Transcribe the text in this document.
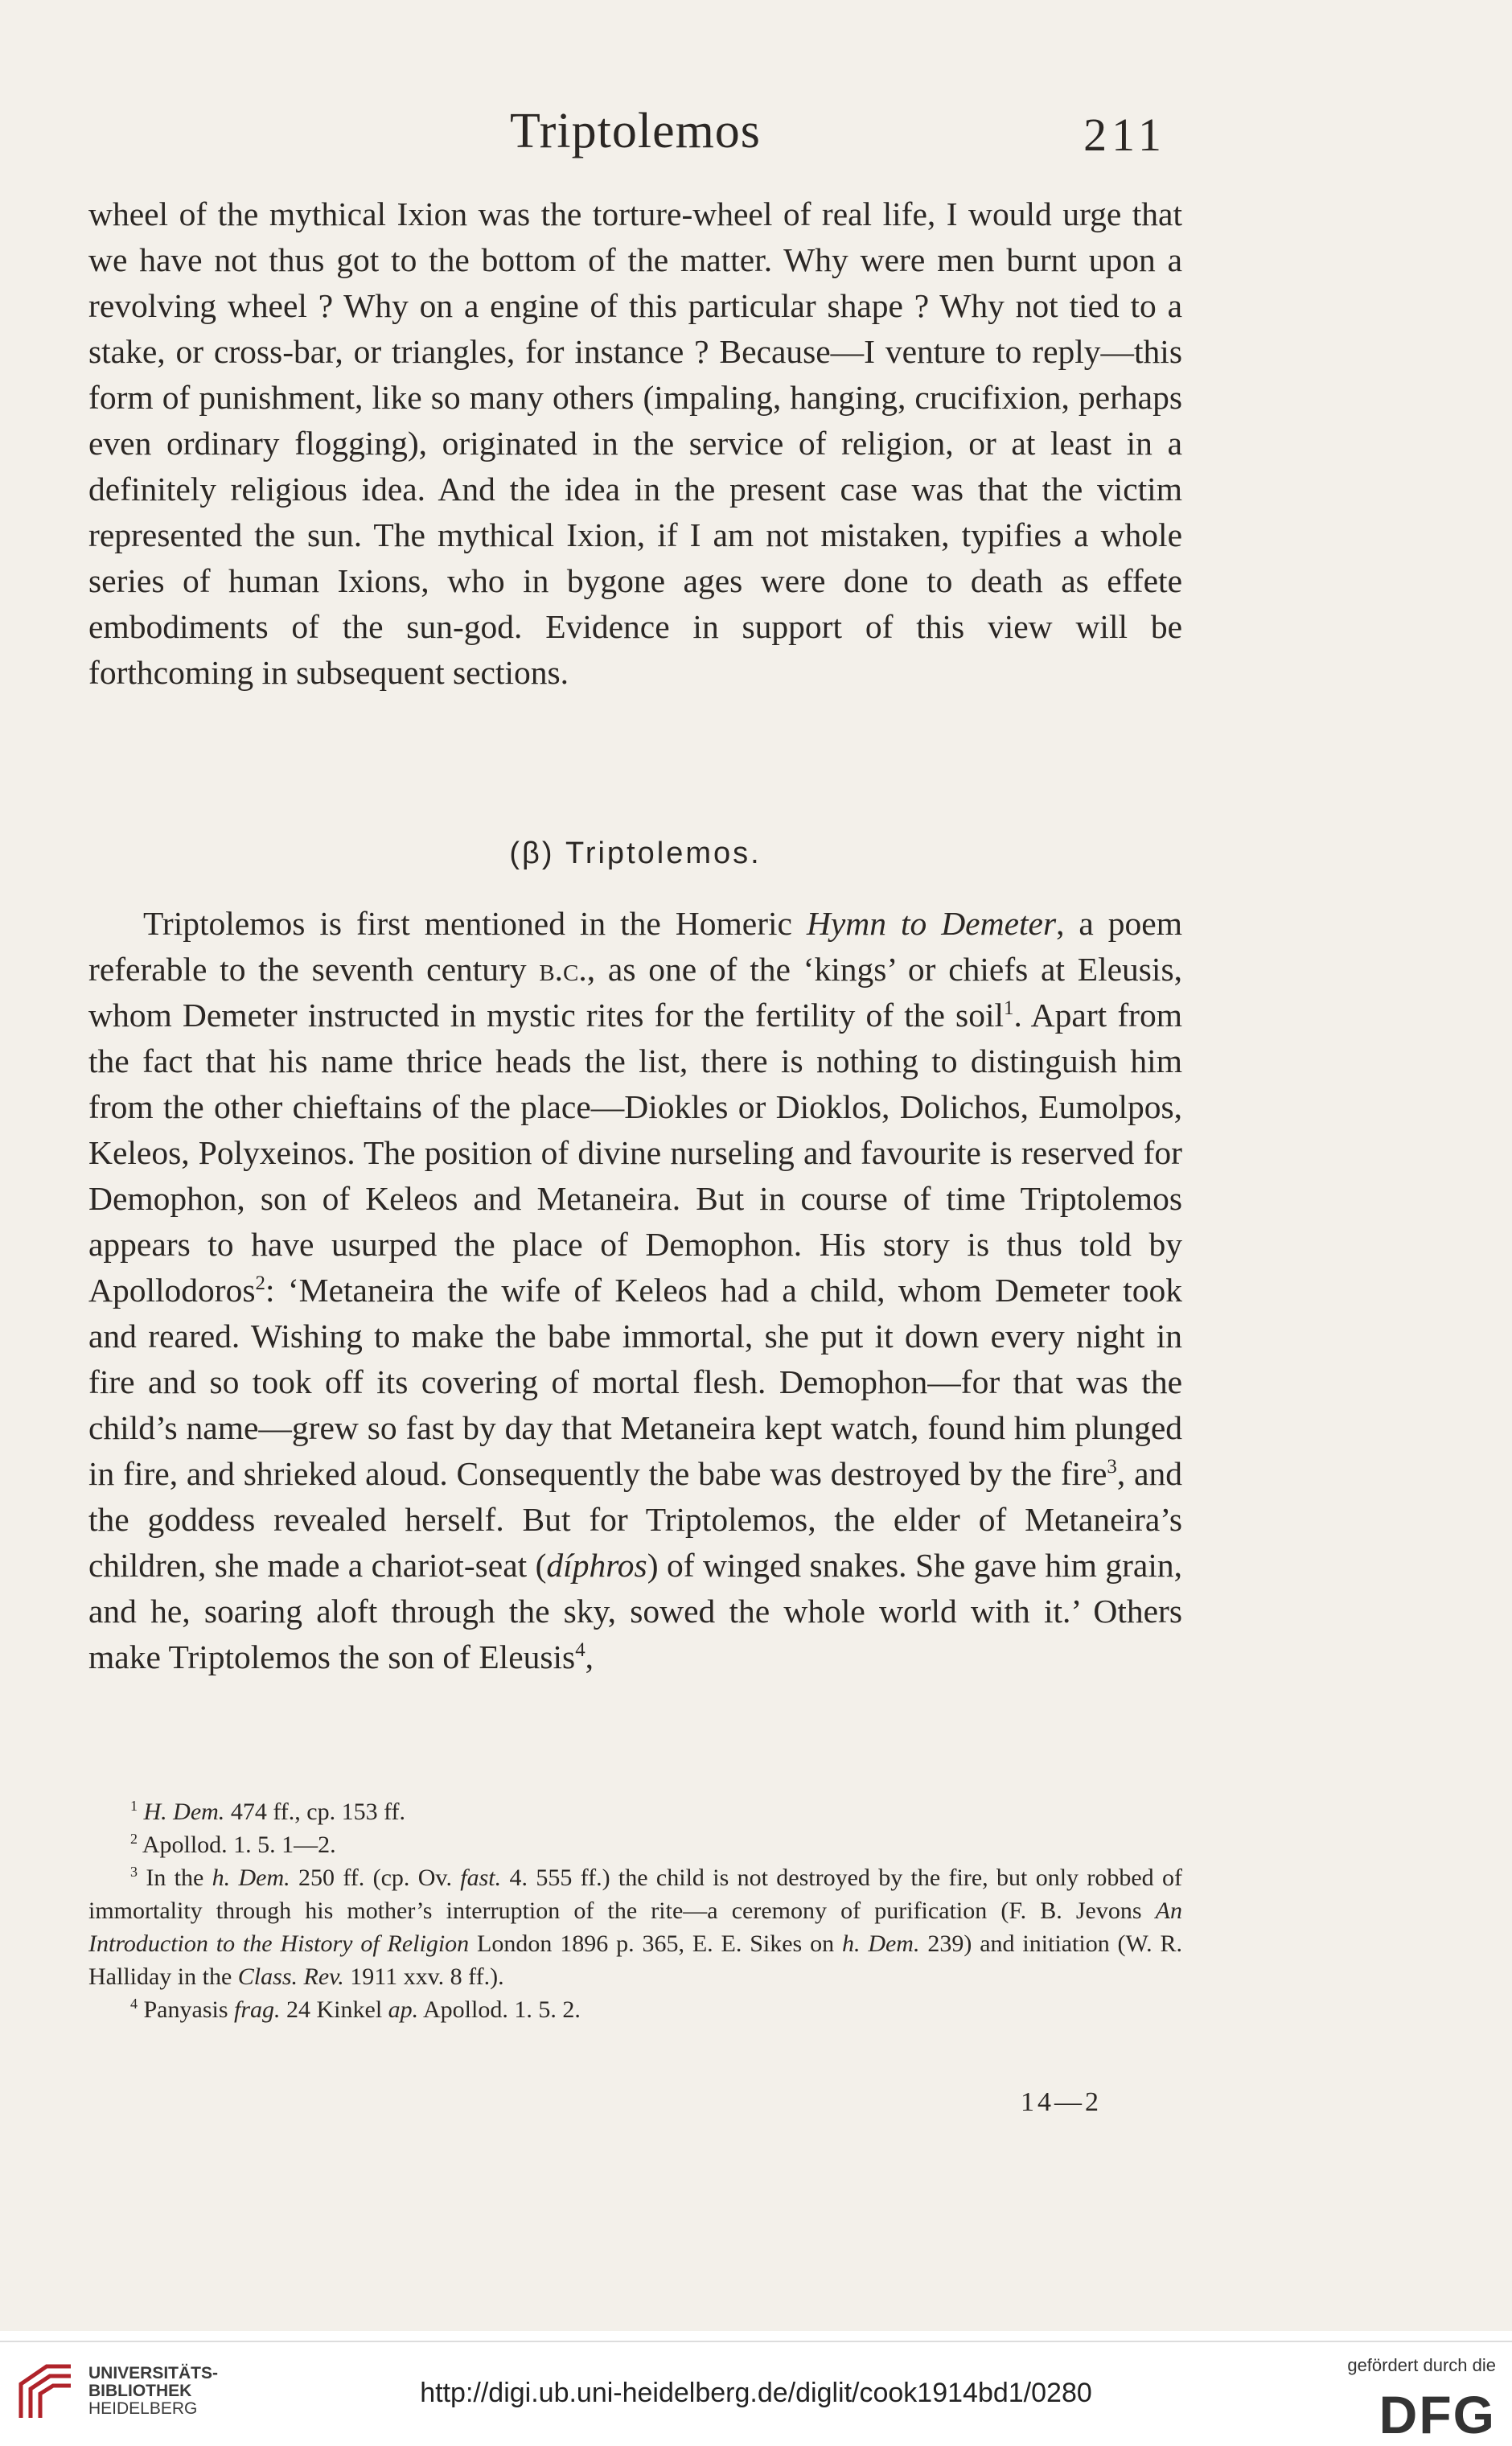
Triptolemos	211

wheel of the mythical Ixion was the torture-wheel of real life, I would urge that we have not thus got to the bottom of the matter. Why were men burnt upon a revolving wheel ? Why on a engine of this particular shape ? Why not tied to a stake, or cross-bar, or triangles, for instance ? Because—I venture to reply—this form of punishment, like so many others (impaling, hanging, crucifixion, perhaps even ordinary flogging), originated in the service of religion, or at least in a definitely religious idea. And the idea in the present case was that the victim represented the sun. The mythical Ixion, if I am not mistaken, typifies a whole series of human Ixions, who in bygone ages were done to death as effete embodiments of the sun-god. Evidence in support of this view will be forthcoming in subsequent sections.

(β) Triptolemos.

Triptolemos is first mentioned in the Homeric Hymn to Demeter, a poem referable to the seventh century b.c., as one of the ‘kings’ or chiefs at Eleusis, whom Demeter instructed in mystic rites for the fertility of the soil$^1$. Apart from the fact that his name thrice heads the list, there is nothing to distinguish him from the other chieftains of the place—Diokles or Dioklos, Dolichos, Eumolpos, Keleos, Polyxeinos. The position of divine nurseling and favourite is reserved for Demophon, son of Keleos and Metaneira. But in course of time Triptolemos appears to have usurped the place of Demophon. His story is thus told by Apollodoros$^2$: ‘Metaneira the wife of Keleos had a child, whom Demeter took and reared. Wishing to make the babe immortal, she put it down every night in fire and so took off its covering of mortal flesh. Demophon—for that was the child’s name—grew so fast by day that Metaneira kept watch, found him plunged in fire, and shrieked aloud. Consequently the babe was destroyed by the fire$^3$, and the goddess revealed herself. But for Triptolemos, the elder of Metaneira’s children, she made a chariot-seat (díphros) of winged snakes. She gave him grain, and he, soaring aloft through the sky, sowed the whole world with it.’ Others make Triptolemos the son of Eleusis$^4$,

$^1$ H. Dem. 474 ff., cp. 153 ff.

$^2$ Apollod. 1. 5. 1—2.

$^3$ In the h. Dem. 250 ff. (cp. Ov. fast. 4. 555 ff.) the child is not destroyed by the fire, but only robbed of immortality through his mother’s interruption of the rite—a ceremony of purification (F. B. Jevons An Introduction to the History of Religion London 1896 p. 365, E. E. Sikes on h. Dem. 239) and initiation (W. R. Halliday in the Class. Rev. 1911 xxv. 8 ff.).

$^4$ Panyasis frag. 24 Kinkel ap. Apollod. 1. 5. 2.

14—2
UNIVERSITÄTS-
BIBLIOTHEK
HEIDELBERG
http://digi.ub.uni-heidelberg.de/diglit/cook1914bd1/0280
gefördert durch die
DFG
